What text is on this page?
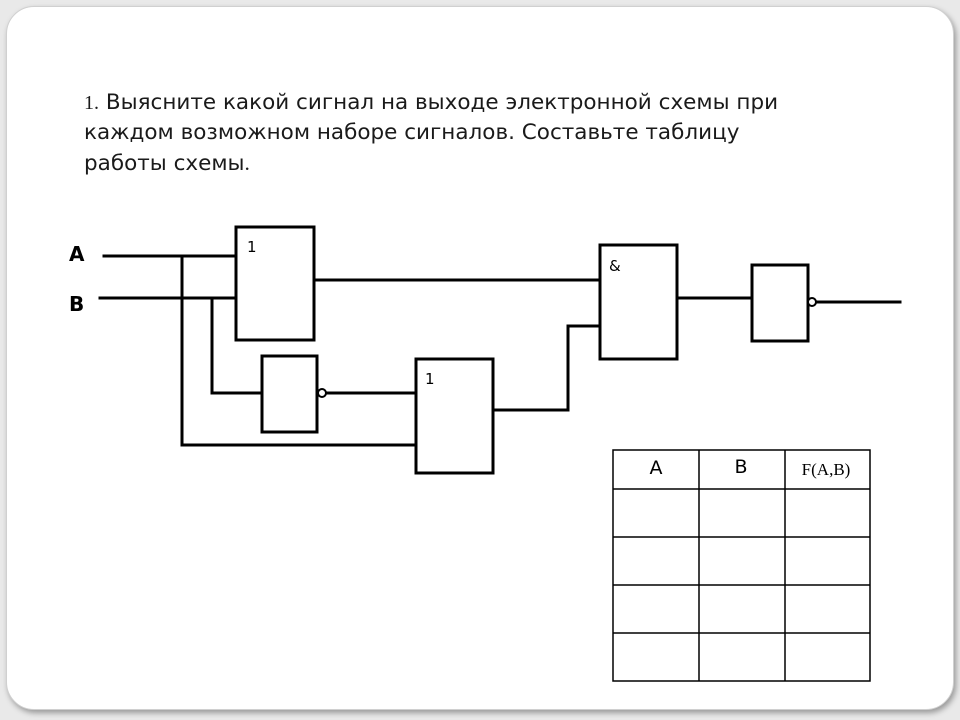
1. Выясните какой сигнал на выходе электронной схемы при
каждом возможном наборе сигналов. Составьте таблицу
работы схемы.
A
B
1
1
&
A	B	F(A,B)
